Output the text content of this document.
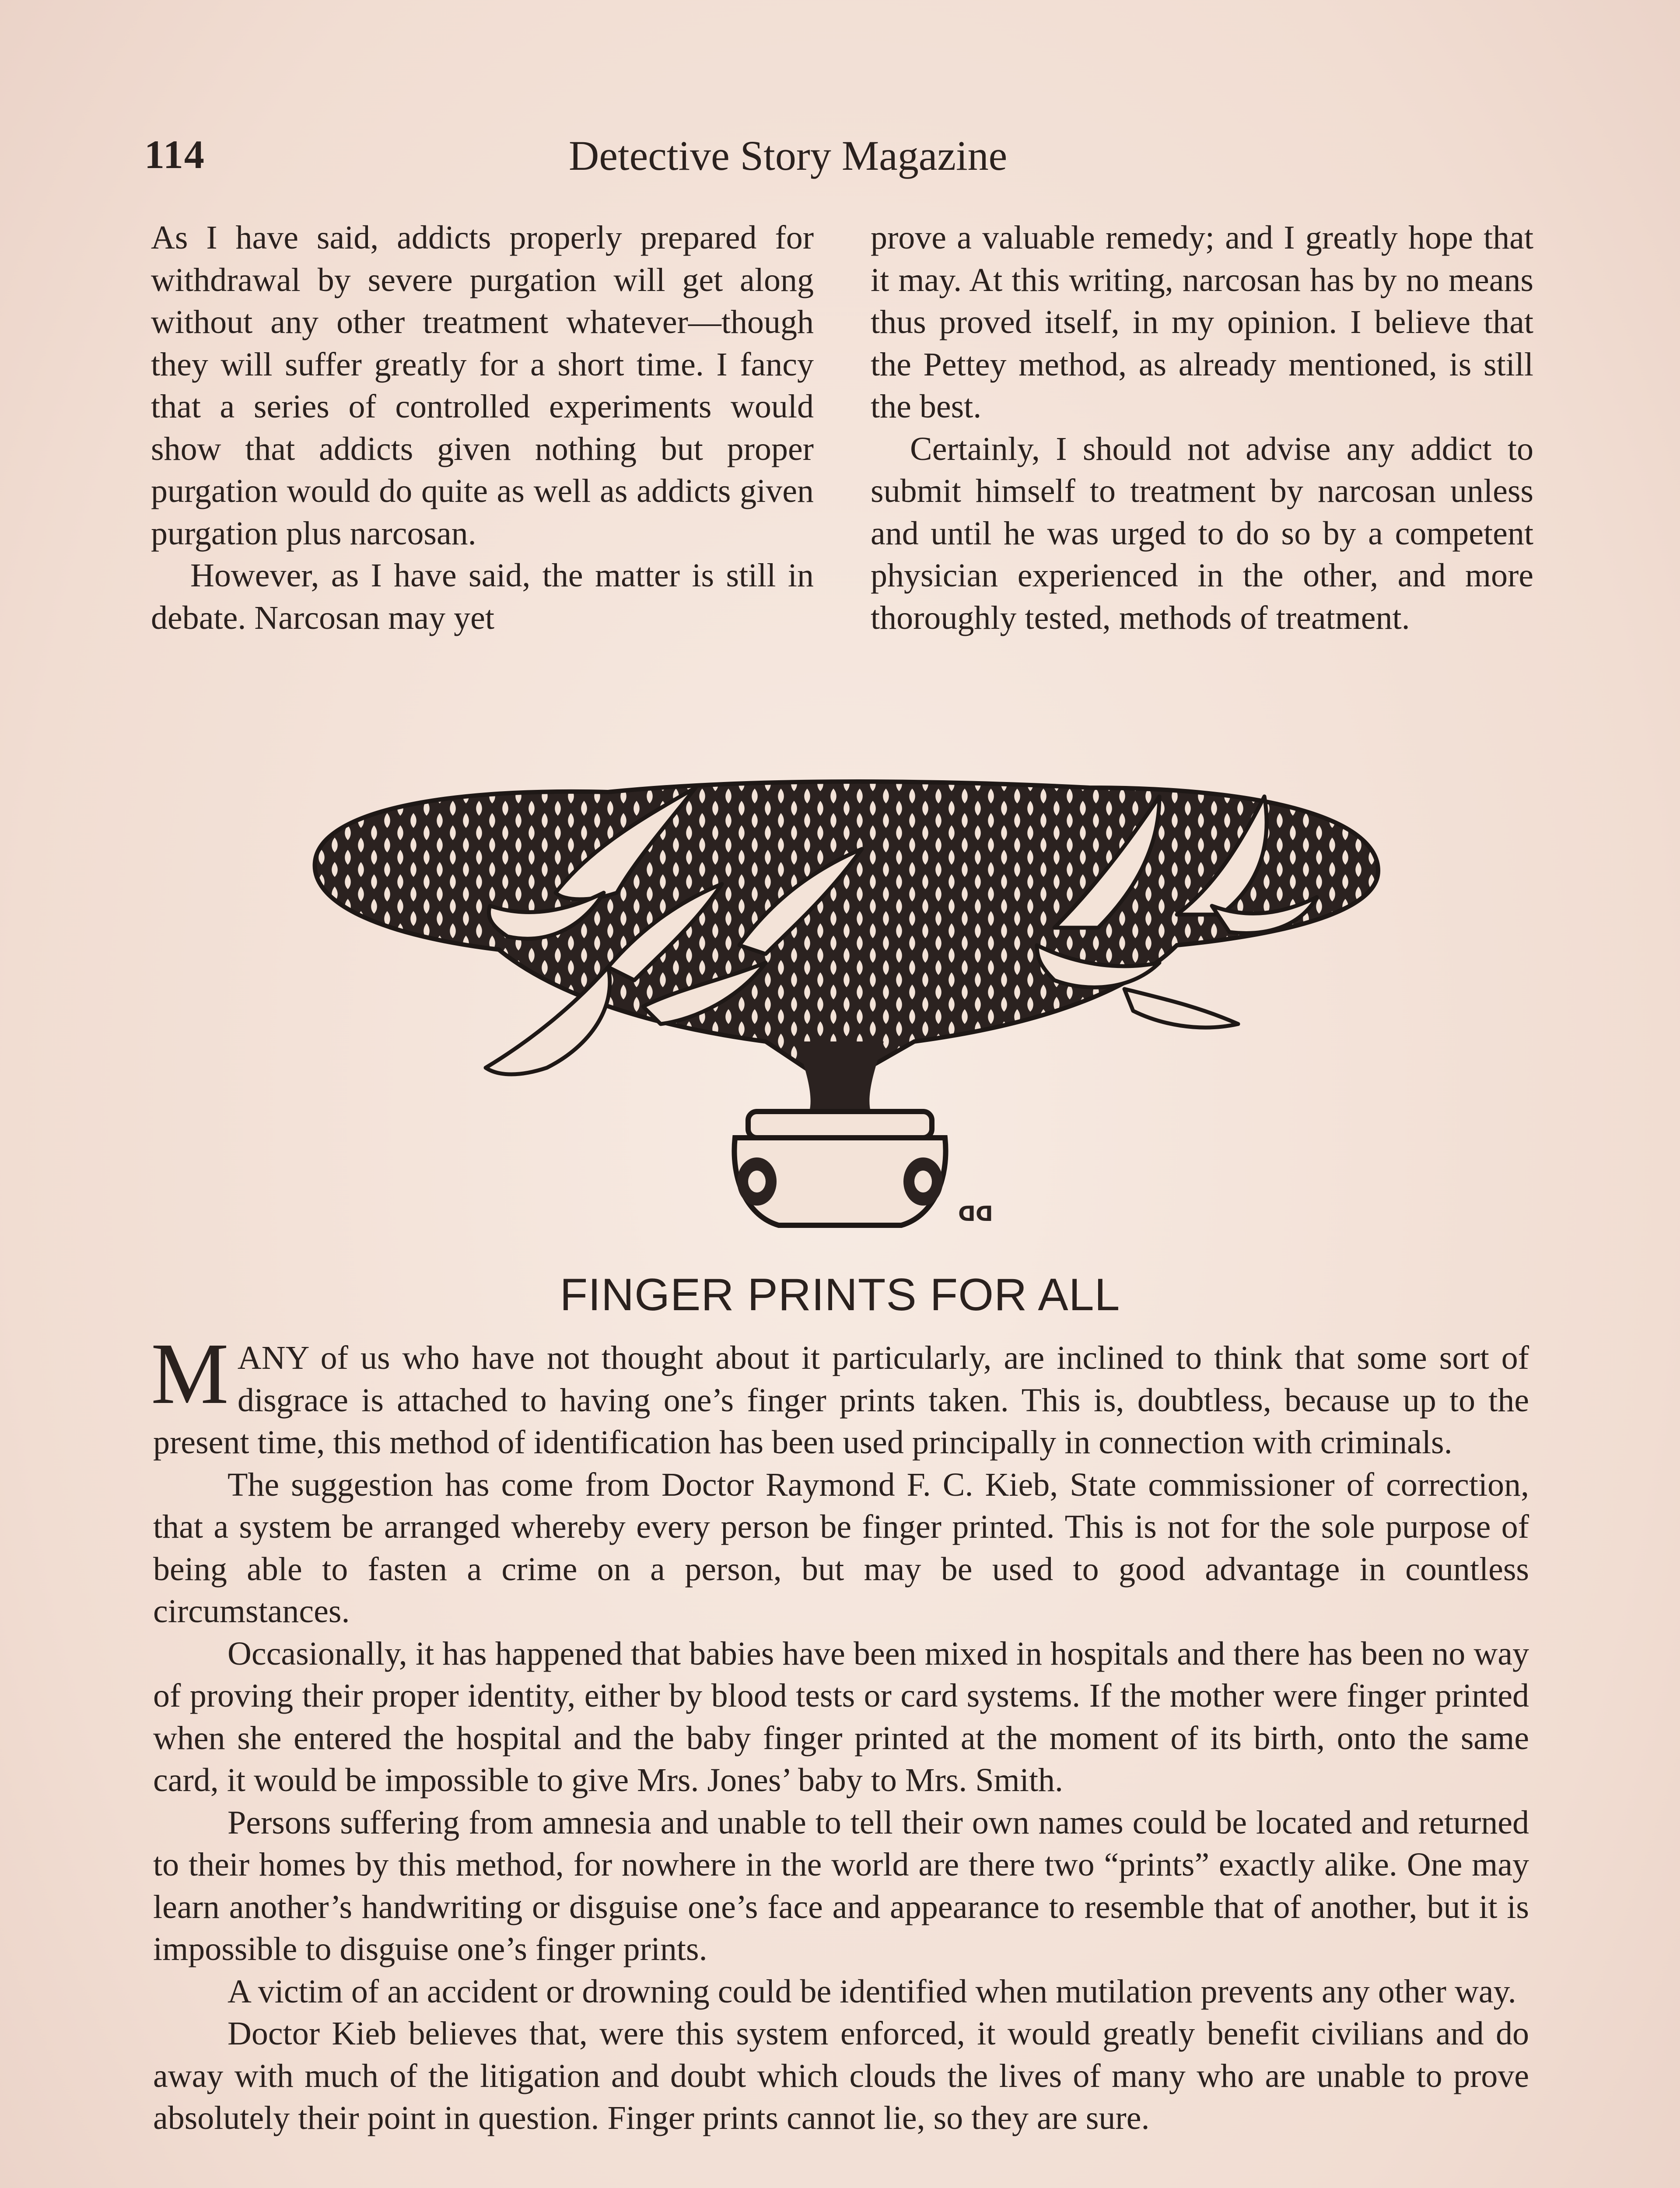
114	Detective Story Magazine

As I have said, addicts properly prepared for withdrawal by severe purgation will get along without any other treatment whatever—though they will suffer greatly for a short time. I fancy that a series of controlled experiments would show that addicts given nothing but proper purgation would do quite as well as addicts given purgation plus narcosan.

However, as I have said, the matter is still in debate. Narcosan may yet

prove a valuable remedy; and I greatly hope that it may. At this writing, narcosan has by no means thus proved itself, in my opinion. I believe that the Pettey method, as already mentioned, is still the best.

Certainly, I should not advise any addict to submit himself to treatment by narcosan unless and until he was urged to do so by a competent physician experienced in the other, and more thoroughly tested, methods of treatment.

ᗡᗡ
FINGER PRINTS FOR ALL

MANY of us who have not thought about it particularly, are inclined to think that some sort of disgrace is attached to having one’s finger prints taken. This is, doubtless, because up to the present time, this method of identification has been used principally in connection with criminals.

The suggestion has come from Doctor Raymond F. C. Kieb, State commissioner of correction, that a system be arranged whereby every person be finger printed. This is not for the sole purpose of being able to fasten a crime on a person, but may be used to good advantage in countless circumstances.

Occasionally, it has happened that babies have been mixed in hospitals and there has been no way of proving their proper identity, either by blood tests or card systems. If the mother were finger printed when she entered the hospital and the baby finger printed at the moment of its birth, onto the same card, it would be impossible to give Mrs. Jones’ baby to Mrs. Smith.

Persons suffering from amnesia and unable to tell their own names could be located and returned to their homes by this method, for nowhere in the world are there two “prints” exactly alike. One may learn another’s handwriting or disguise one’s face and appearance to resemble that of another, but it is impossible to disguise one’s finger prints.

A victim of an accident or drowning could be identified when mutilation prevents any other way.

Doctor Kieb believes that, were this system enforced, it would greatly benefit civilians and do away with much of the litigation and doubt which clouds the lives of many who are unable to prove absolutely their point in question. Finger prints cannot lie, so they are sure.
